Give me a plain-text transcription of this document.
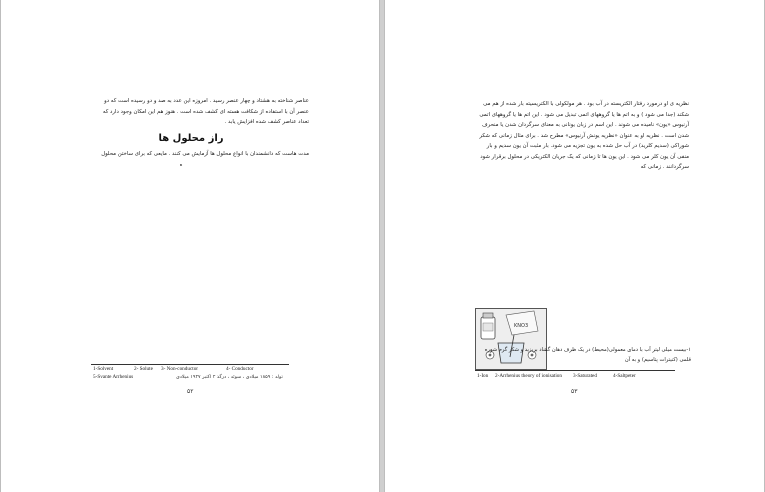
عناصر شناخته به هشتاد و چهار عنصر رسید . امروزه این عدد به صد و دو رسیده است که دو عنصر آن با استفاده از شکافت هسته ای کشف شده است . هنوز هم این امکان وجود دارد که تعداد عناصر کشف شده افزایش یابد .
راز محلول ها
مدت هاست که دانشمندان با انواع محلول ها آزمایش می کنند . مایعی که برای ساختن محلول
ه
1-Solvent	2- Solute 3- Non-conductor	4- Conductor
5-Svante Arrhenius	تولد : ۱۸۵۹ میلادی ، سوئد ، درگذ ۲ اکتبر ۱۹۲۷ میلادی
۵۲
نظریه ی او درمورد رفتار الکتریسته در آب بود . هر مولکولی با الکتریسیته بار شده از هم می شکند (جدا می شود ) و به اتم ها یا گروههای اتمی تبدیل می شود . این اتم ها یا گروههای اتمی آرنیوس «یون» نامیده می شوند . این اسم در زبان یونانی به معنای سرگردان شدن یا منحرف شدن است . نظریه او به عنوان «نظریه یونش آرنیوس» مطرح شد . برای مثال زمانی که شکر شوراکی (سدیم کلرید) در آب حل شده به یون تجزیه می شود. بار مثبت آن یون سدیم و بار منفی آن یون کلر می شود . این یون ها تا زمانی که یک جریان الکتریکی در محلول برقرار شود سرگردانند . زمانی که
KNO3
۱-بیست میلی لیتر آب با دمای معمولی(محیط) در یک ظرف دهان گشاد بریزید و شکر گرم شوره قلمی (کنیترات پتاسیم) و به آن
1-Ion 2-Arrhenius theory of ionisation 3-Saturated	4-Saltpeter
۵۳
